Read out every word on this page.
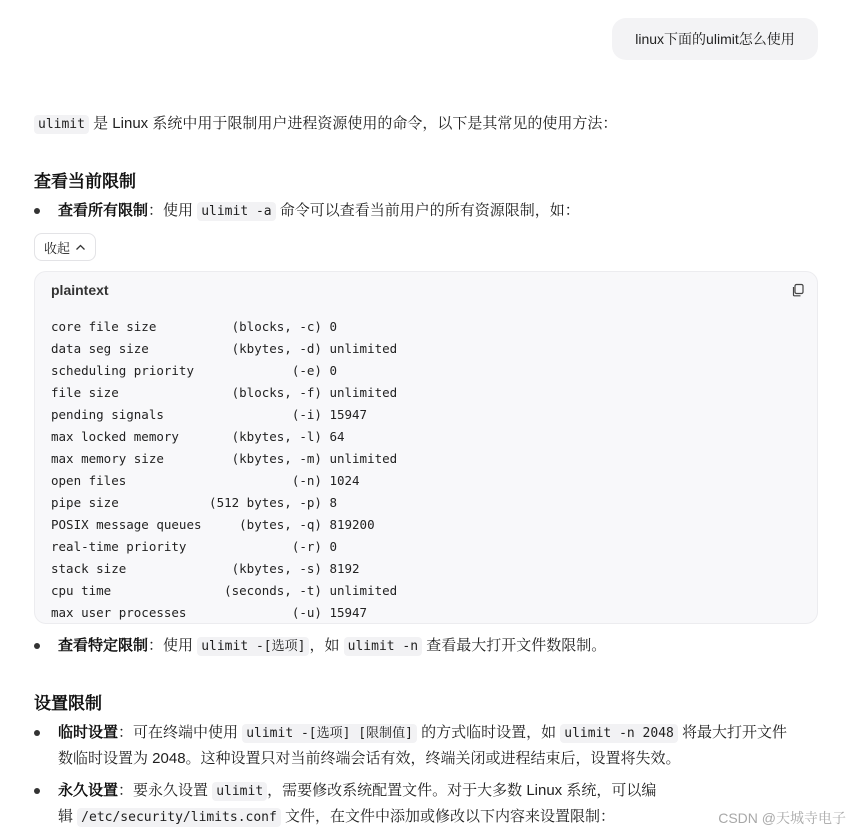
linux下面的ulimit怎么使用
ulimit 是 Linux 系统中用于限制用户进程资源使用的命令，以下是其常见的使用方法：
查看当前限制
查看所有限制：使用 ulimit -a 命令可以查看当前用户的所有资源限制，如：
收起
plaintext
core file size          (blocks, -c) 0
data seg size           (kbytes, -d) unlimited
scheduling priority             (-e) 0
file size               (blocks, -f) unlimited
pending signals                 (-i) 15947
max locked memory       (kbytes, -l) 64
max memory size         (kbytes, -m) unlimited
open files                      (-n) 1024
pipe size            (512 bytes, -p) 8
POSIX message queues     (bytes, -q) 819200
real-time priority              (-r) 0
stack size              (kbytes, -s) 8192
cpu time               (seconds, -t) unlimited
max user processes              (-u) 15947
查看特定限制：使用 ulimit -[选项] ，如 ulimit -n 查看最大打开文件数限制。
设置限制
临时设置：可在终端中使用 ulimit -[选项] [限制值] 的方式临时设置，如 ulimit -n 2048 将最大打开文件
数临时设置为 2048。这种设置只对当前终端会话有效，终端关闭或进程结束后，设置将失效。
永久设置：要永久设置 ulimit ，需要修改系统配置文件。对于大多数 Linux 系统，可以编
辑 /etc/security/limits.conf 文件，在文件中添加或修改以下内容来设置限制：	CSDN @天城寺电子
